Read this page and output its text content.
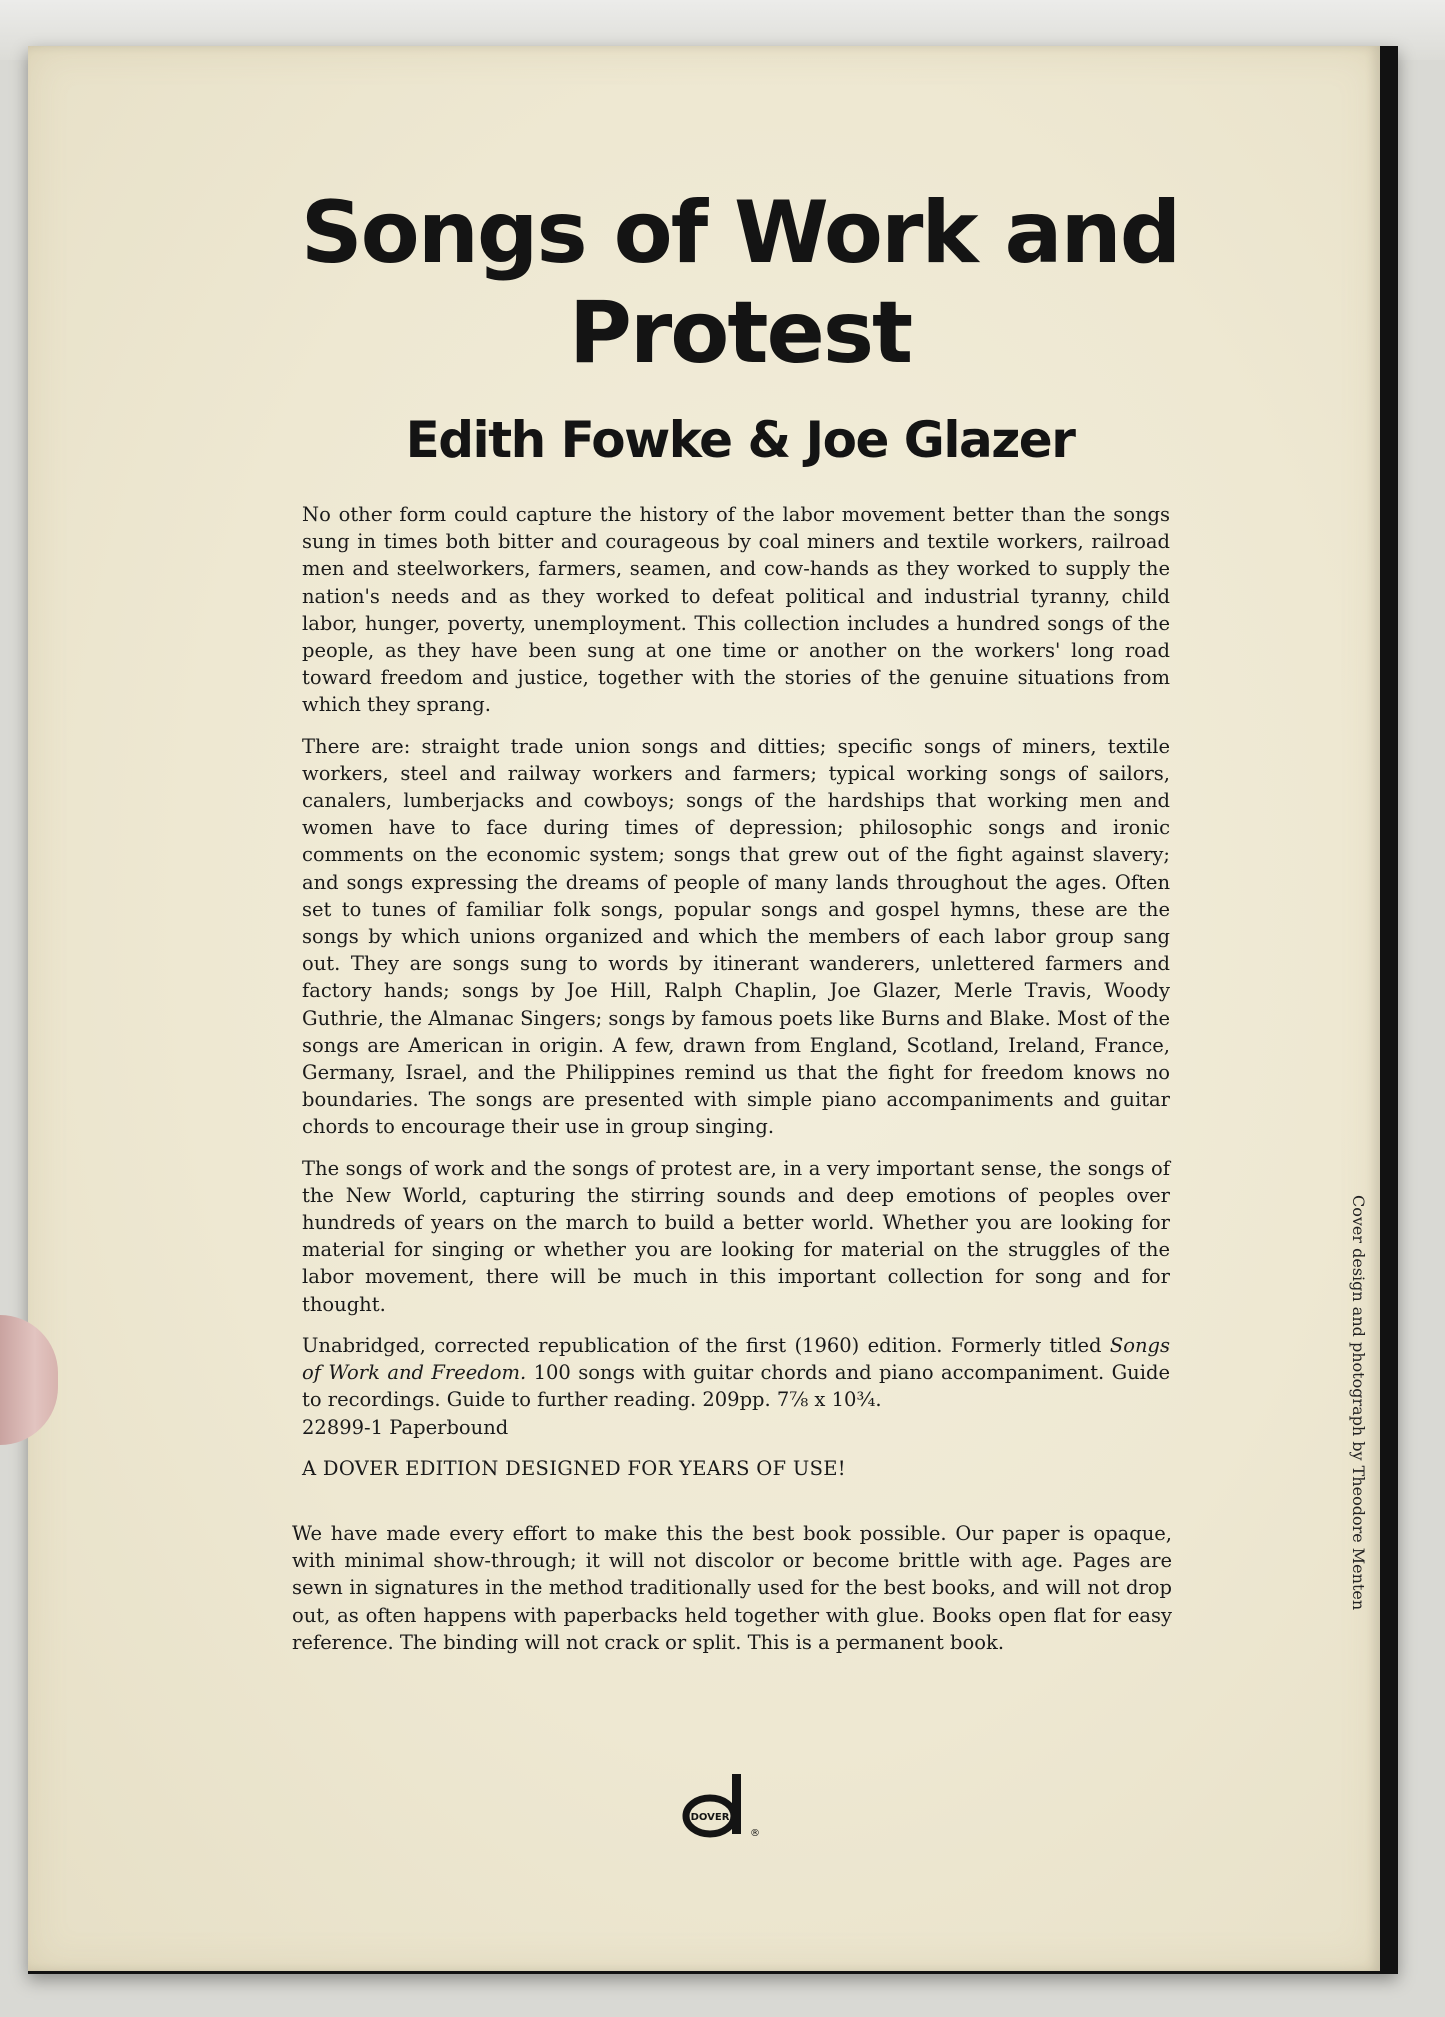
Songs of Work and Protest
Edith Fowke & Joe Glazer

No other form could capture the history of the labor movement better than the songs sung in times both bitter and courageous by coal miners and textile workers, railroad men and steelworkers, farmers, seamen, and cow-hands as they worked to supply the nation's needs and as they worked to defeat political and industrial tyranny, child labor, hunger, poverty, unemployment. This collection includes a hundred songs of the people, as they have been sung at one time or another on the workers' long road toward freedom and justice, together with the stories of the genuine situations from which they sprang.

There are: straight trade union songs and ditties; specific songs of miners, textile workers, steel and railway workers and farmers; typical working songs of sailors, canalers, lumberjacks and cowboys; songs of the hardships that working men and women have to face during times of depression; philosophic songs and ironic comments on the economic system; songs that grew out of the fight against slavery; and songs expressing the dreams of people of many lands throughout the ages. Often set to tunes of familiar folk songs, popular songs and gospel hymns, these are the songs by which unions organized and which the members of each labor group sang out. They are songs sung to words by itinerant wanderers, unlettered farmers and factory hands; songs by Joe Hill, Ralph Chaplin, Joe Glazer, Merle Travis, Woody Guthrie, the Almanac Singers; songs by famous poets like Burns and Blake. Most of the songs are American in origin. A few, drawn from England, Scotland, Ireland, France, Germany, Israel, and the Philippines remind us that the fight for freedom knows no boundaries. The songs are presented with simple piano accompaniments and guitar chords to encourage their use in group singing.

The songs of work and the songs of protest are, in a very important sense, the songs of the New World, capturing the stirring sounds and deep emotions of peoples over hundreds of years on the march to build a better world. Whether you are looking for material for singing or whether you are looking for material on the struggles of the labor movement, there will be much in this important collection for song and for thought.

Unabridged, corrected republication of the first (1960) edition. Formerly titled Songs of Work and Freedom. 100 songs with guitar chords and piano accompaniment. Guide to recordings. Guide to further reading. 209pp. 7⅞ x 10¾.

22899-1 Paperbound

A DOVER EDITION DESIGNED FOR YEARS OF USE!

We have made every effort to make this the best book possible. Our paper is opaque, with minimal show-through; it will not discolor or become brittle with age. Pages are sewn in signatures in the method traditionally used for the best books, and will not drop out, as often happens with paperbacks held together with glue. Books open flat for easy reference. The binding will not crack or split. This is a permanent book.

Cover design and photograph by Theodore Menten
DOVER
®
